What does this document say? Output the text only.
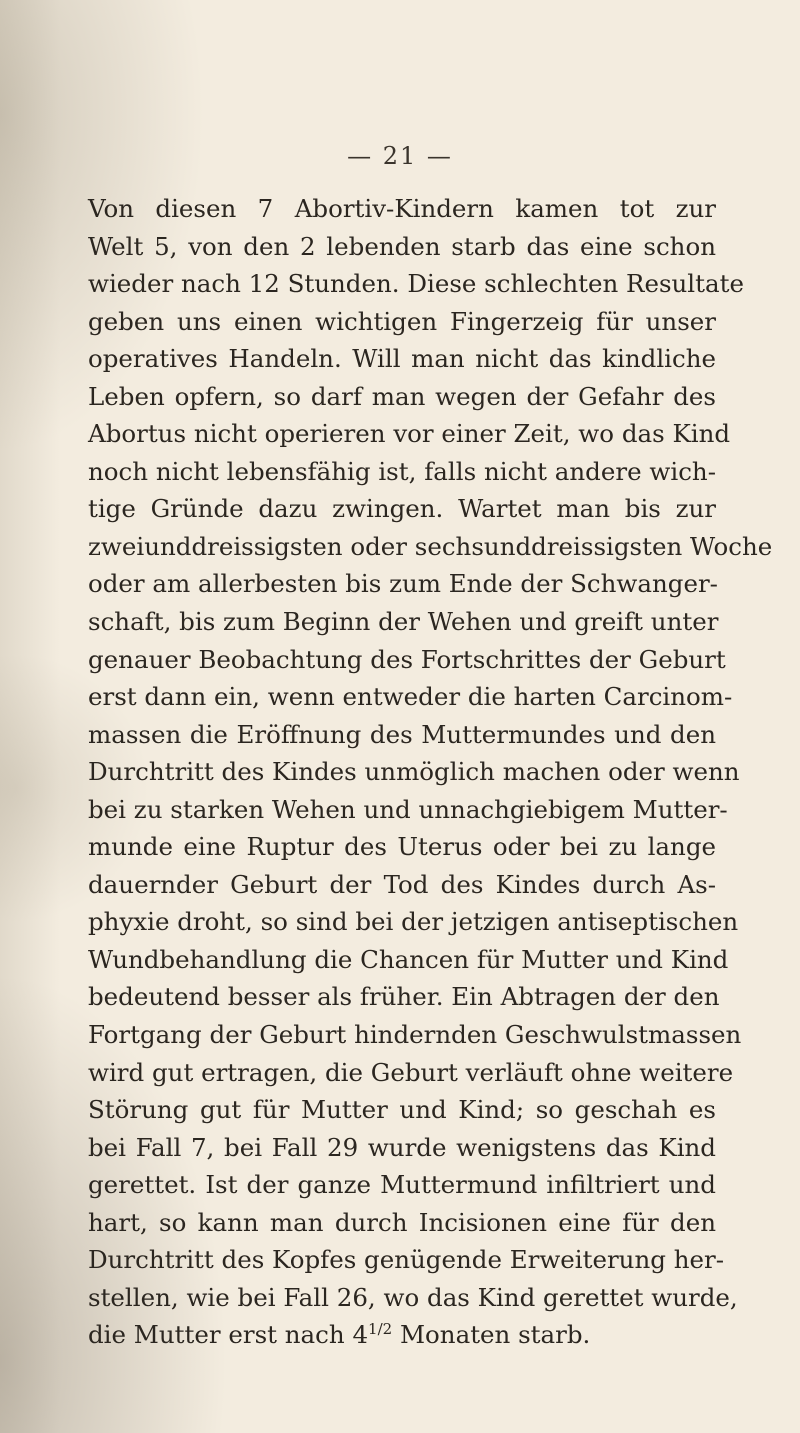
— 21 —
Von diesen 7 Abortiv-Kindern kamen tot zur
Welt 5, von den 2 lebenden starb das eine schon
wieder nach 12 Stunden. Diese schlechten Resultate
geben uns einen wichtigen Fingerzeig für unser
operatives Handeln. Will man nicht das kindliche
Leben opfern, so darf man wegen der Gefahr des
Abortus nicht operieren vor einer Zeit, wo das Kind
noch nicht lebensfähig ist, falls nicht andere wich-
tige Gründe dazu zwingen. Wartet man bis zur
zweiunddreissigsten oder sechsunddreissigsten Woche
oder am allerbesten bis zum Ende der Schwanger-
schaft, bis zum Beginn der Wehen und greift unter
genauer Beobachtung des Fortschrittes der Geburt
erst dann ein, wenn entweder die harten Carcinom-
massen die Eröffnung des Muttermundes und den
Durchtritt des Kindes unmöglich machen oder wenn
bei zu starken Wehen und unnachgiebigem Mutter-
munde eine Ruptur des Uterus oder bei zu lange
dauernder Geburt der Tod des Kindes durch As-
phyxie droht, so sind bei der jetzigen antiseptischen
Wundbehandlung die Chancen für Mutter und Kind
bedeutend besser als früher. Ein Abtragen der den
Fortgang der Geburt hindernden Geschwulstmassen
wird gut ertragen, die Geburt verläuft ohne weitere
Störung gut für Mutter und Kind; so geschah es
bei Fall 7, bei Fall 29 wurde wenigstens das Kind
gerettet. Ist der ganze Muttermund infiltriert und
hart, so kann man durch Incisionen eine für den
Durchtritt des Kopfes genügende Erweiterung her-
stellen, wie bei Fall 26, wo das Kind gerettet wurde,
die Mutter erst nach $4^{1/2}$ Monaten starb.
